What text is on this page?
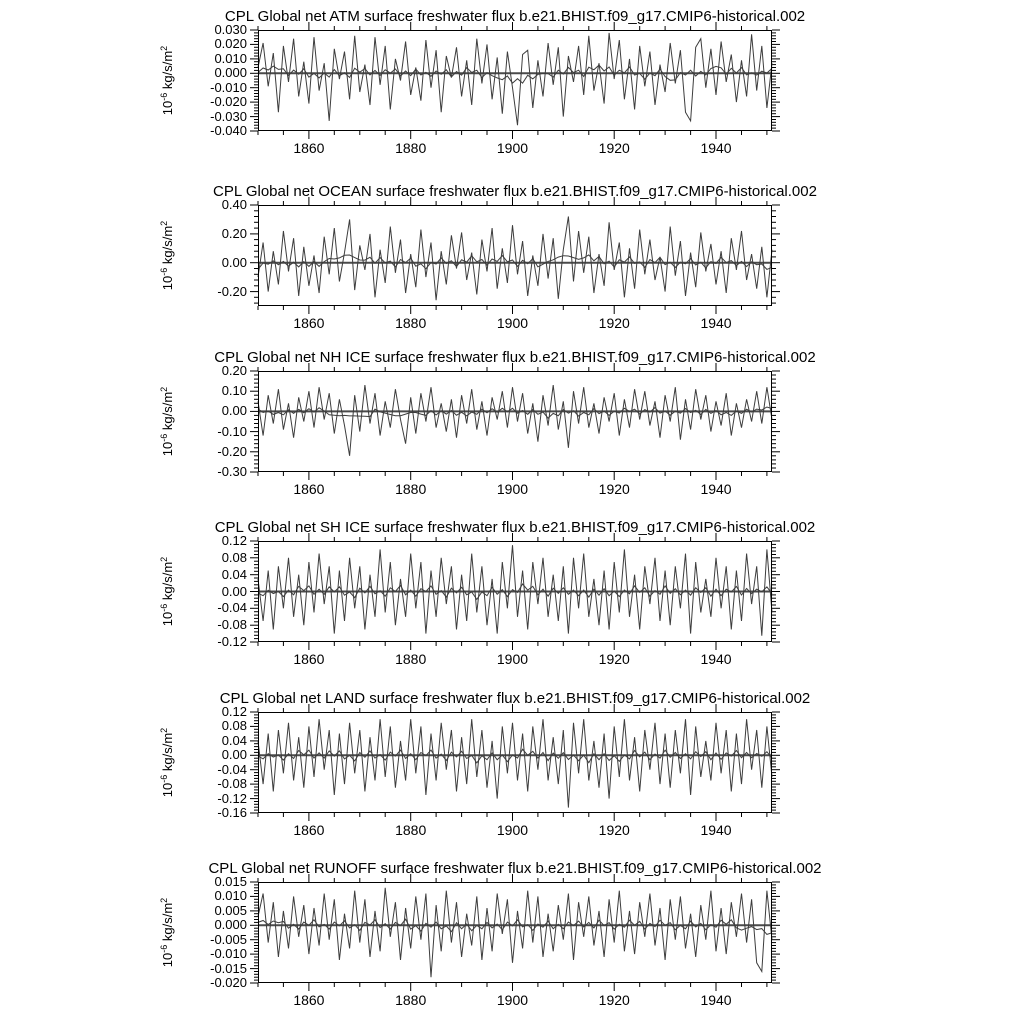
CPL Global net ATM surface freshwater flux b.e21.BHIST.f09_g17.CMIP6-historical.002
$10^{-6}$ $kg/s/m^2$
0.030
0.020
0.010
0.000
-0.010
-0.020
-0.030
-0.040
1860	1880	1900	1920	1940
CPL Global net OCEAN surface freshwater flux b.e21.BHIST.f09_g17.CMIP6-historical.002
$10^{-6}$ $kg/s/m^2$
0.40
0.20
0.00
-0.20
1860	1880	1900	1920	1940
CPL Global net NH ICE surface freshwater flux b.e21.BHIST.f09_g17.CMIP6-historical.002
$10^{-6}$ $kg/s/m^2$
0.20
0.10
0.00
-0.10
-0.20
-0.30
1860	1880	1900	1920	1940
CPL Global net SH ICE surface freshwater flux b.e21.BHIST.f09_g17.CMIP6-historical.002
$10^{-6}$ $kg/s/m^2$
0.12
0.08
0.04
0.00
-0.04
-0.08
-0.12
1860	1880	1900	1920	1940
CPL Global net LAND surface freshwater flux b.e21.BHIST.f09_g17.CMIP6-historical.002
$10^{-6}$ $kg/s/m^2$
0.12
0.08
0.04
0.00
-0.04
-0.08
-0.12
-0.16
1860	1880	1900	1920	1940
CPL Global net RUNOFF surface freshwater flux b.e21.BHIST.f09_g17.CMIP6-historical.002
$10^{-6}$ $kg/s/m^2$
0.015
0.010
0.005
0.000
-0.005
-0.010
-0.015
-0.020
1860	1880	1900	1920	1940
